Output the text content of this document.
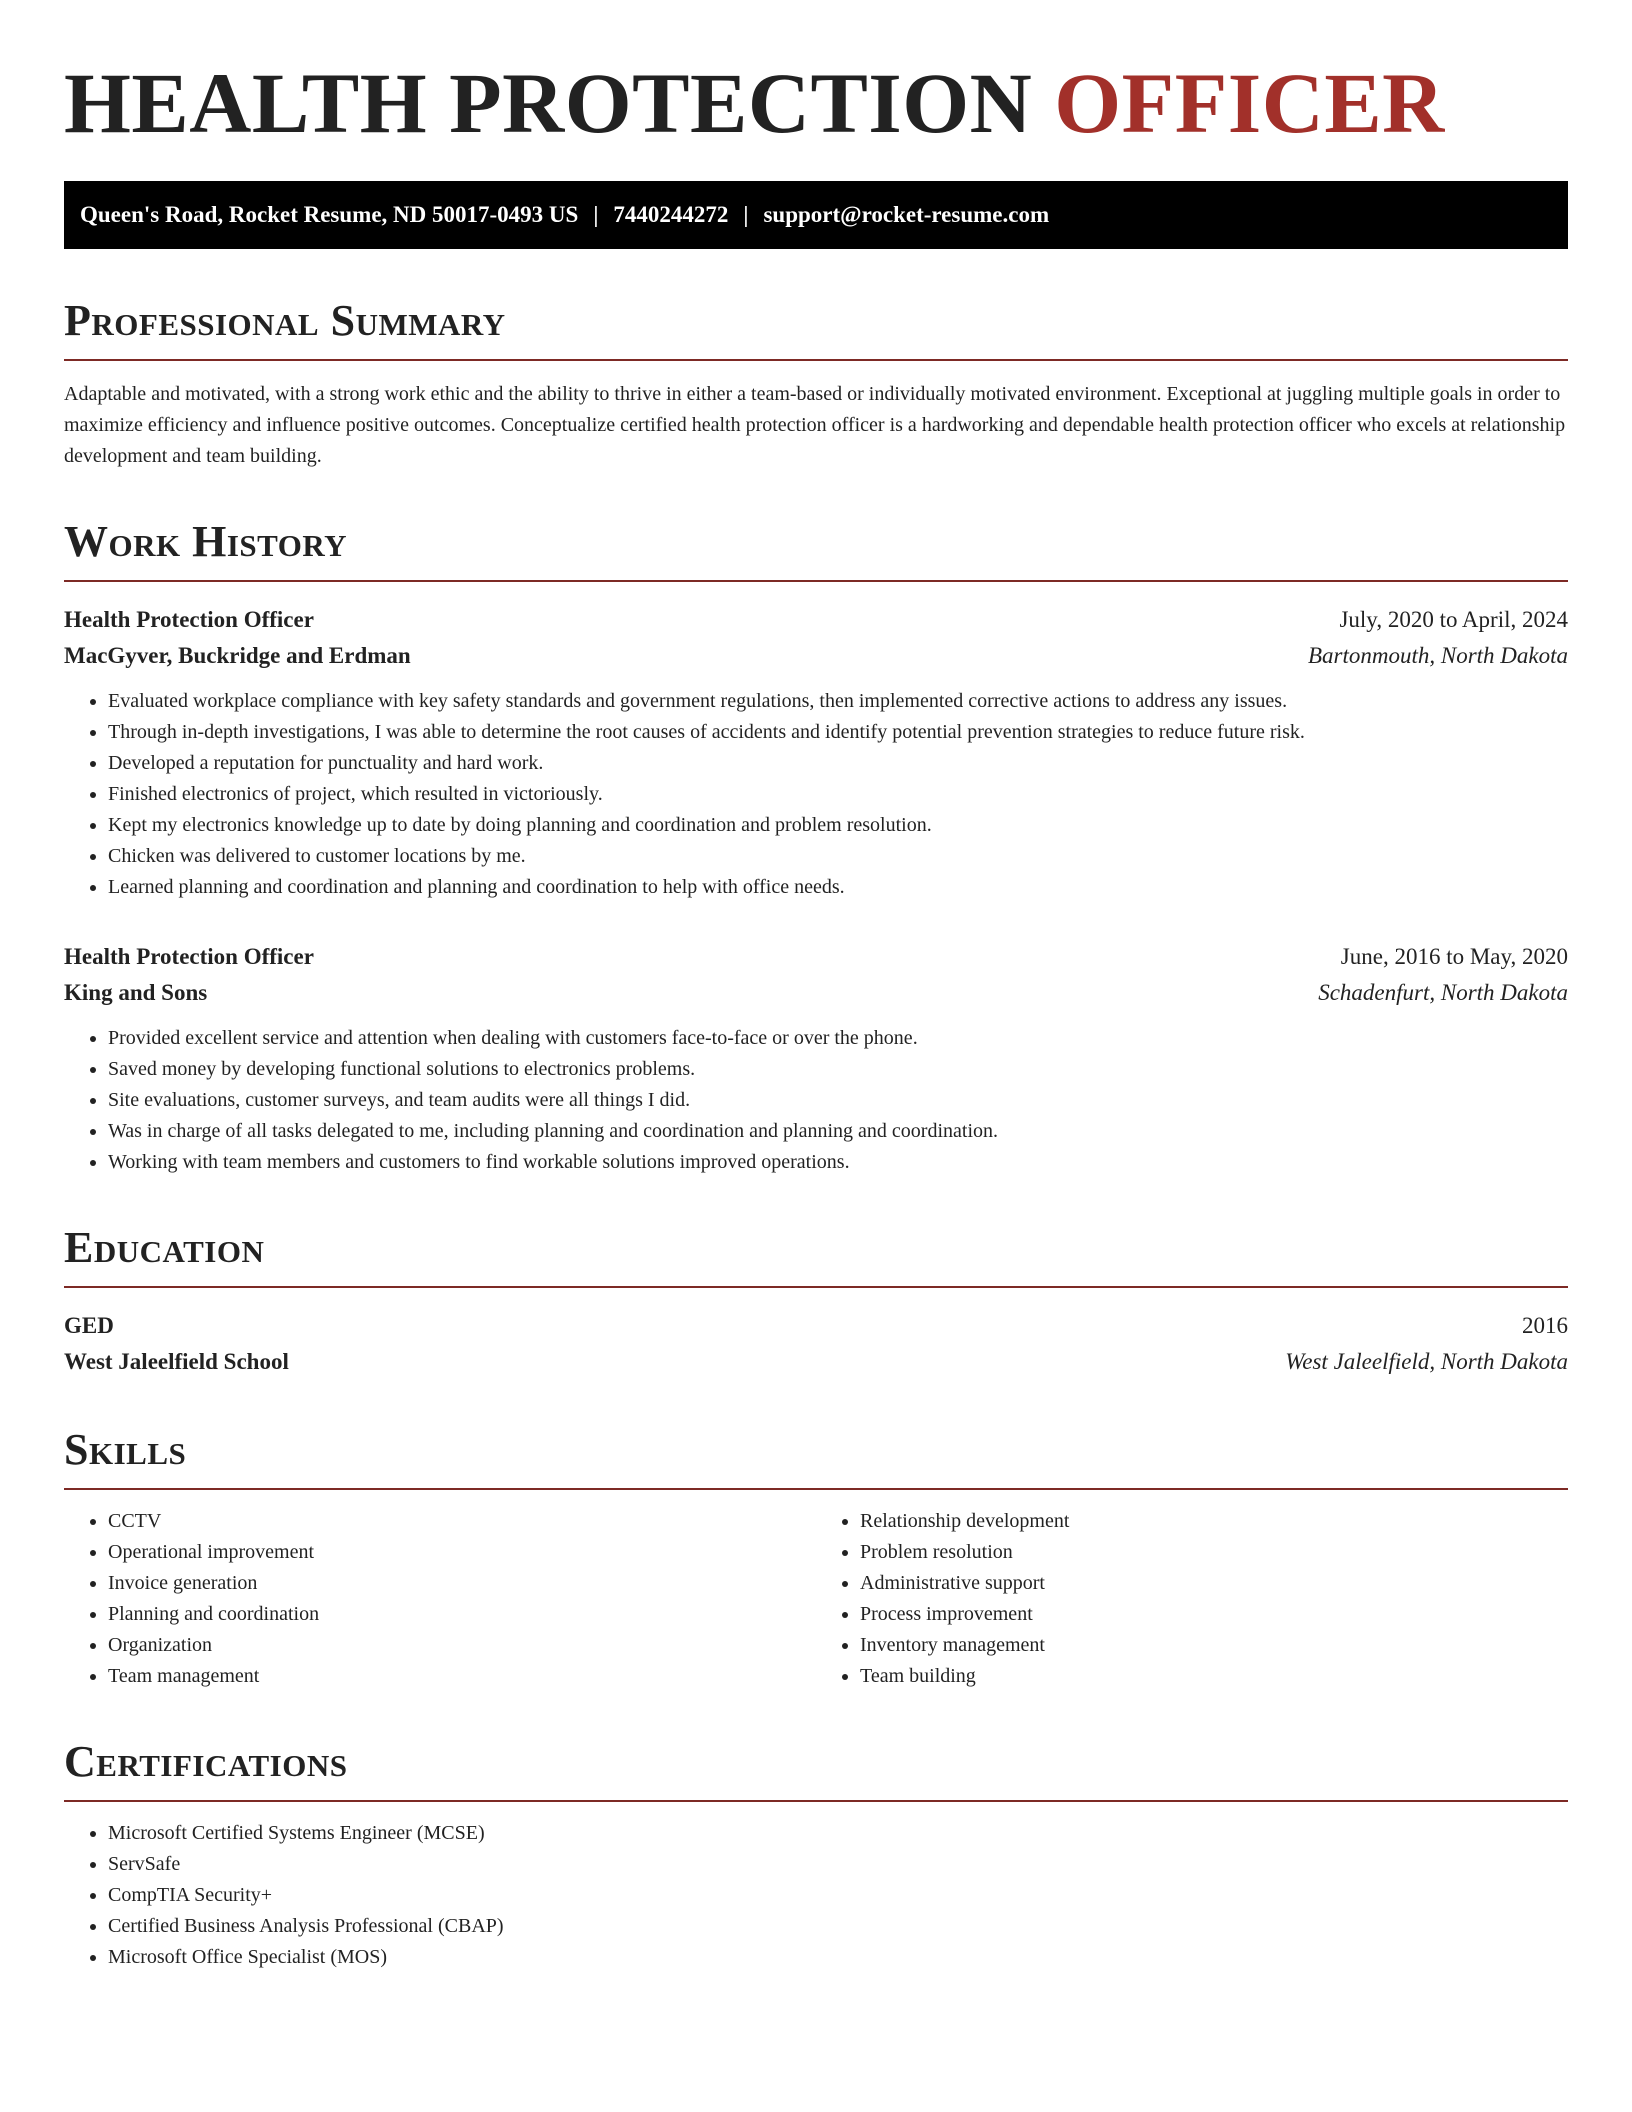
HEALTH PROTECTION OFFICER
Queen's Road, Rocket Resume, ND 50017-0493 US | 7440244272 | support@rocket-resume.com
Professional Summary

Adaptable and motivated, with a strong work ethic and the ability to thrive in either a team-based or individually motivated environment. Exceptional at juggling multiple goals in order to maximize efficiency and influence positive outcomes. Conceptualize certified health protection officer is a hardworking and dependable health protection officer who excels at relationship development and team building.

Work History
Health Protection Officer	July, 2020 to April, 2024
MacGyver, Buckridge and Erdman	Bartonmouth, North Dakota
• Evaluated workplace compliance with key safety standards and government regulations, then implemented corrective actions to address any issues.
• Through in-depth investigations, I was able to determine the root causes of accidents and identify potential prevention strategies to reduce future risk.
• Developed a reputation for punctuality and hard work.
• Finished electronics of project, which resulted in victoriously.
• Kept my electronics knowledge up to date by doing planning and coordination and problem resolution.
• Chicken was delivered to customer locations by me.
• Learned planning and coordination and planning and coordination to help with office needs.
Health Protection Officer	June, 2016 to May, 2020
King and Sons	Schadenfurt, North Dakota
• Provided excellent service and attention when dealing with customers face-to-face or over the phone.
• Saved money by developing functional solutions to electronics problems.
• Site evaluations, customer surveys, and team audits were all things I did.
• Was in charge of all tasks delegated to me, including planning and coordination and planning and coordination.
• Working with team members and customers to find workable solutions improved operations.
Education
GED	2016
West Jaleelfield School	West Jaleelfield, North Dakota
Skills
• CCTV
• Operational improvement
• Invoice generation
• Planning and coordination
• Organization
• Team management
• Relationship development
• Problem resolution
• Administrative support
• Process improvement
• Inventory management
• Team building
Certifications
• Microsoft Certified Systems Engineer (MCSE)
• ServSafe
• CompTIA Security+
• Certified Business Analysis Professional (CBAP)
• Microsoft Office Specialist (MOS)
